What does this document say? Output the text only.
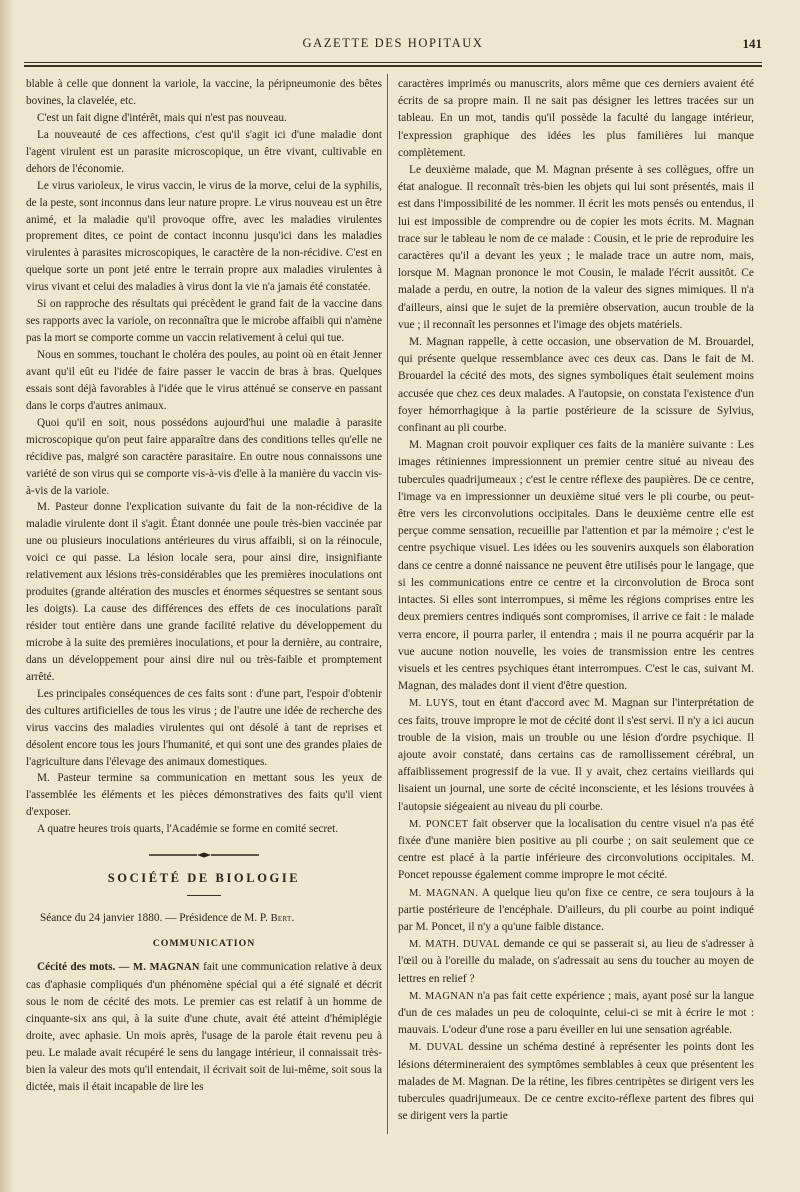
GAZETTE DES HOPITAUX	141

blable à celle que donnent la variole, la vaccine, la péripneumonie des bêtes bovines, la clavelée, etc.

C'est un fait digne d'intérêt, mais qui n'est pas nouveau.

La nouveauté de ces affections, c'est qu'il s'agit ici d'une maladie dont l'agent virulent est un parasite microscopique, un être vivant, cultivable en dehors de l'économie.

Le virus varioleux, le virus vaccin, le virus de la morve, celui de la syphilis, de la peste, sont inconnus dans leur nature propre. Le virus nouveau est un être animé, et la maladie qu'il provoque offre, avec les maladies virulentes proprement dites, ce point de contact inconnu jusqu'ici dans les maladies virulentes à parasites microscopiques, le caractère de la non-récidive. C'est en quelque sorte un pont jeté entre le terrain propre aux maladies virulentes à virus vivant et celui des maladies à virus dont la vie n'a jamais été constatée.

Si on rapproche des résultats qui précèdent le grand fait de la vaccine dans ses rapports avec la variole, on reconnaîtra que le microbe affaibli qui n'amène pas la mort se comporte comme un vaccin relativement à celui qui tue.

Nous en sommes, touchant le choléra des poules, au point où en était Jenner avant qu'il eût eu l'idée de faire passer le vaccin de bras à bras. Quelques essais sont déjà favorables à l'idée que le virus atténué se conserve en passant dans le corps d'autres animaux.

Quoi qu'il en soit, nous possédons aujourd'hui une maladie à parasite microscopique qu'on peut faire apparaître dans des conditions telles qu'elle ne récidive pas, malgré son caractère parasitaire. En outre nous connaissons une variété de son virus qui se comporte vis-à-vis d'elle à la manière du vaccin vis-à-vis de la variole.

M. Pasteur donne l'explication suivante du fait de la non-récidive de la maladie virulente dont il s'agit. Étant donnée une poule très-bien vaccinée par une ou plusieurs inoculations antérieures du virus affaibli, si on la réinocule, voici ce qui passe. La lésion locale sera, pour ainsi dire, insignifiante relativement aux lésions très-considérables que les premières inoculations ont produites (grande altération des muscles et énormes séquestres se sentant sous les doigts). La cause des différences des effets de ces inoculations paraît résider tout entière dans une grande facilité relative du développement du microbe à la suite des premières inoculations, et pour la dernière, au contraire, dans un développement pour ainsi dire nul ou très-faible et promptement arrêté.

Les principales conséquences de ces faits sont : d'une part, l'espoir d'obtenir des cultures artificielles de tous les virus ; de l'autre une idée de recherche des virus vaccins des maladies virulentes qui ont désolé à tant de reprises et désolent encore tous les jours l'humanité, et qui sont une des grandes plaies de l'agriculture dans l'élevage des animaux domestiques.

M. Pasteur termine sa communication en mettant sous les yeux de l'assemblée les éléments et les pièces démonstratives des faits qu'il vient d'exposer.

A quatre heures trois quarts, l'Académie se forme en comité secret.

SOCIÉTÉ DE BIOLOGIE

Séance du 24 janvier 1880. — Présidence de M. P. Bert.

COMMUNICATION

Cécité des mots. — M. MAGNAN fait une communication relative à deux cas d'aphasie compliqués d'un phénomène spécial qui a été signalé et décrit sous le nom de cécité des mots. Le premier cas est relatif à un homme de cinquante-six ans qui, à la suite d'une chute, avait été atteint d'hémiplégie droite, avec aphasie. Un mois après, l'usage de la parole était revenu peu à peu. Le malade avait récupéré le sens du langage intérieur, il connaissait très-bien la valeur des mots qu'il entendait, il écrivait soit de lui-même, soit sous la dictée, mais il était incapable de lire les

caractères imprimés ou manuscrits, alors même que ces derniers avaient été écrits de sa propre main. Il ne sait pas désigner les lettres tracées sur un tableau. En un mot, tandis qu'il possède la faculté du langage intérieur, l'expression graphique des idées les plus familières lui manque complètement.

Le deuxième malade, que M. Magnan présente à ses collègues, offre un état analogue. Il reconnaît très-bien les objets qui lui sont présentés, mais il est dans l'impossibilité de les nommer. Il écrit les mots pensés ou entendus, il lui est impossible de comprendre ou de copier les mots écrits. M. Magnan trace sur le tableau le nom de ce malade : Cousin, et le prie de reproduire les caractères qu'il a devant les yeux ; le malade trace un autre nom, mais, lorsque M. Magnan prononce le mot Cousin, le malade l'écrit aussitôt. Ce malade a perdu, en outre, la notion de la valeur des signes mimiques. Il n'a d'ailleurs, ainsi que le sujet de la première observation, aucun trouble de la vue ; il reconnaît les personnes et l'image des objets matériels.

M. Magnan rappelle, à cette occasion, une observation de M. Brouardel, qui présente quelque ressemblance avec ces deux cas. Dans le fait de M. Brouardel la cécité des mots, des signes symboliques était seulement moins accusée que chez ces deux malades. A l'autopsie, on constata l'existence d'un foyer hémorrhagique à la partie postérieure de la scissure de Sylvius, confinant au pli courbe.

M. Magnan croit pouvoir expliquer ces faits de la manière suivante : Les images rétiniennes impressionnent un premier centre situé au niveau des tubercules quadrijumeaux ; c'est le centre réflexe des paupières. De ce centre, l'image va en impressionner un deuxième situé vers le pli courbe, ou peut-être vers les circonvolutions occipitales. Dans le deuxième centre elle est perçue comme sensation, recueillie par l'attention et par la mémoire ; c'est le centre psychique visuel. Les idées ou les souvenirs auxquels son élaboration dans ce centre a donné naissance ne peuvent être utilisés pour le langage, que si les communications entre ce centre et la circonvolution de Broca sont intactes. Si elles sont interrompues, si même les régions comprises entre les deux premiers centres indiqués sont compromises, il arrive ce fait : le malade verra encore, il pourra parler, il entendra ; mais il ne pourra acquérir par la vue aucune notion nouvelle, les voies de transmission entre les centres visuels et les centres psychiques étant interrompues. C'est le cas, suivant M. Magnan, des malades dont il vient d'être question.

M. LUYS, tout en étant d'accord avec M. Magnan sur l'interprétation de ces faits, trouve impropre le mot de cécité dont il s'est servi. Il n'y a ici aucun trouble de la vision, mais un trouble ou une lésion d'ordre psychique. Il ajoute avoir constaté, dans certains cas de ramollissement cérébral, un affaiblissement progressif de la vue. Il y avait, chez certains vieillards qui lisaient un journal, une sorte de cécité inconsciente, et les lésions trouvées à l'autopsie siégeaient au niveau du pli courbe.

M. PONCET fait observer que la localisation du centre visuel n'a pas été fixée d'une manière bien positive au pli courbe ; on sait seulement que ce centre est placé à la partie inférieure des circonvolutions occipitales. M. Poncet repousse également comme impropre le mot cécité.

M. MAGNAN. A quelque lieu qu'on fixe ce centre, ce sera toujours à la partie postérieure de l'encéphale. D'ailleurs, du pli courbe au point indiqué par M. Poncet, il n'y a qu'une faible distance.

M. MATH. DUVAL demande ce qui se passerait si, au lieu de s'adresser à l'œil ou à l'oreille du malade, on s'adressait au sens du toucher au moyen de lettres en relief ?

M. MAGNAN n'a pas fait cette expérience ; mais, ayant posé sur la langue d'un de ces malades un peu de coloquinte, celui-ci se mit à écrire le mot : mauvais. L'odeur d'une rose a paru éveiller en lui une sensation agréable.

M. DUVAL dessine un schéma destiné à représenter les points dont les lésions détermineraient des symptômes semblables à ceux que présentent les malades de M. Magnan. De la rétine, les fibres centripètes se dirigent vers les tubercules quadrijumeaux. De ce centre excito-réflexe partent des fibres qui se dirigent vers la partie
